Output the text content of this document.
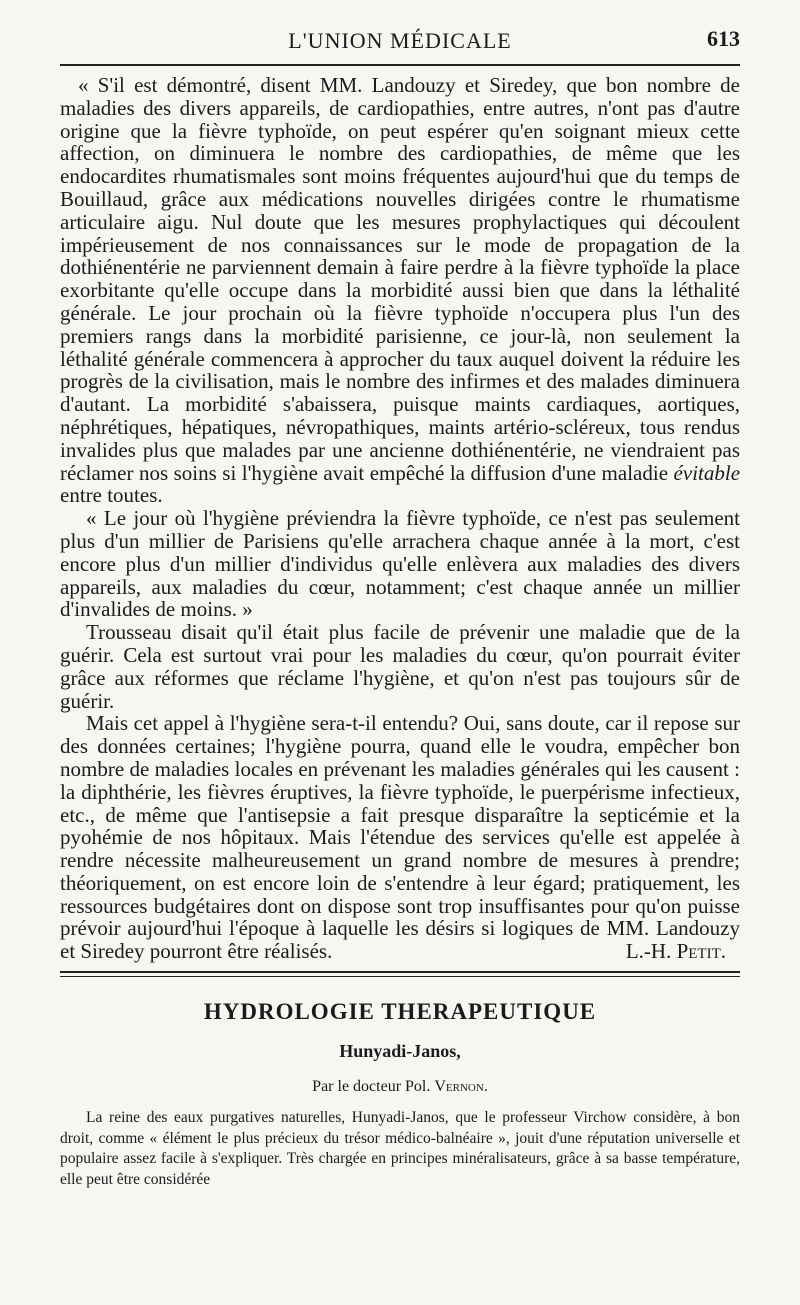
L'UNION MÉDICALE	613

« S'il est démontré, disent MM. Landouzy et Siredey, que bon nombre de maladies des divers appareils, de cardiopathies, entre autres, n'ont pas d'autre origine que la fièvre typhoïde, on peut espérer qu'en soignant mieux cette affection, on diminuera le nombre des cardiopathies, de même que les endocardites rhumatismales sont moins fréquentes aujourd'hui que du temps de Bouillaud, grâce aux médications nouvelles dirigées contre le rhumatisme articulaire aigu. Nul doute que les mesures prophylactiques qui découlent impérieusement de nos connaissances sur le mode de propagation de la dothiénentérie ne parviennent demain à faire perdre à la fièvre typhoïde la place exorbitante qu'elle occupe dans la morbidité aussi bien que dans la léthalité générale. Le jour prochain où la fièvre typhoïde n'occupera plus l'un des premiers rangs dans la morbidité parisienne, ce jour-là, non seulement la léthalité générale commencera à approcher du taux auquel doivent la réduire les progrès de la civilisation, mais le nombre des infirmes et des malades diminuera d'autant. La morbidité s'abaissera, puisque maints cardiaques, aortiques, néphrétiques, hépatiques, névropathiques, maints artério-scléreux, tous rendus invalides plus que malades par une ancienne dothiénentérie, ne viendraient pas réclamer nos soins si l'hygiène avait empêché la diffusion d'une maladie évitable entre toutes.

« Le jour où l'hygiène préviendra la fièvre typhoïde, ce n'est pas seulement plus d'un millier de Parisiens qu'elle arrachera chaque année à la mort, c'est encore plus d'un millier d'individus qu'elle enlèvera aux maladies des divers appareils, aux maladies du cœur, notamment; c'est chaque année un millier d'invalides de moins. »

Trousseau disait qu'il était plus facile de prévenir une maladie que de la guérir. Cela est surtout vrai pour les maladies du cœur, qu'on pourrait éviter grâce aux réformes que réclame l'hygiène, et qu'on n'est pas toujours sûr de guérir.

Mais cet appel à l'hygiène sera-t-il entendu? Oui, sans doute, car il repose sur des données certaines; l'hygiène pourra, quand elle le voudra, empêcher bon nombre de maladies locales en prévenant les maladies générales qui les causent : la diphthérie, les fièvres éruptives, la fièvre typhoïde, le puerpérisme infectieux, etc., de même que l'antisepsie a fait presque disparaître la septicémie et la pyohémie de nos hôpitaux. Mais l'étendue des services qu'elle est appelée à rendre nécessite malheureusement un grand nombre de mesures à prendre; théoriquement, on est encore loin de s'entendre à leur égard; pratiquement, les ressources budgétaires dont on dispose sont trop insuffisantes pour qu'on puisse prévoir aujourd'hui l'époque à laquelle les désirs si logiques de MM. Landouzy et Siredey pourront être réalisés.	L.-H. Petit.

HYDROLOGIE THERAPEUTIQUE
Hunyadi-Janos,
Par le docteur Pol. Vernon.

La reine des eaux purgatives naturelles, Hunyadi-Janos, que le professeur Virchow considère, à bon droit, comme « élément le plus précieux du trésor médico-balnéaire », jouit d'une réputation universelle et populaire assez facile à s'expliquer. Très chargée en principes minéralisateurs, grâce à sa basse température, elle peut être considérée
